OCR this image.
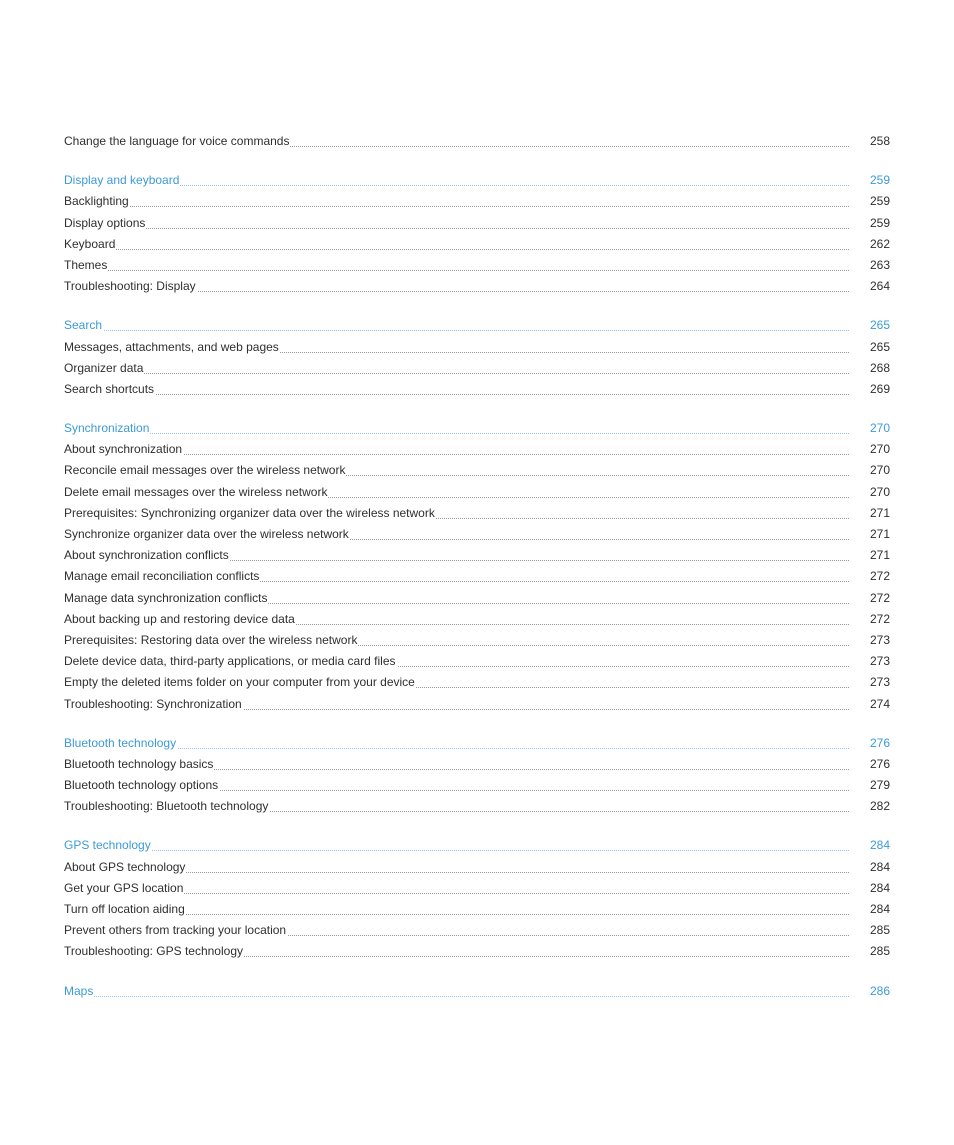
Change the language for voice commands	258
Display and keyboard	259
Backlighting	259
Display options	259
Keyboard	262
Themes	263
Troubleshooting: Display	264
Search	265
Messages, attachments, and web pages	265
Organizer data	268
Search shortcuts	269
Synchronization	270
About synchronization	270
Reconcile email messages over the wireless network	270
Delete email messages over the wireless network	270
Prerequisites: Synchronizing organizer data over the wireless network	271
Synchronize organizer data over the wireless network	271
About synchronization conflicts	271
Manage email reconciliation conflicts	272
Manage data synchronization conflicts	272
About backing up and restoring device data	272
Prerequisites: Restoring data over the wireless network	273
Delete device data, third-party applications, or media card files	273
Empty the deleted items folder on your computer from your device	273
Troubleshooting: Synchronization	274
Bluetooth technology	276
Bluetooth technology basics	276
Bluetooth technology options	279
Troubleshooting: Bluetooth technology	282
GPS technology	284
About GPS technology	284
Get your GPS location	284
Turn off location aiding	284
Prevent others from tracking your location	285
Troubleshooting: GPS technology	285
Maps	286
